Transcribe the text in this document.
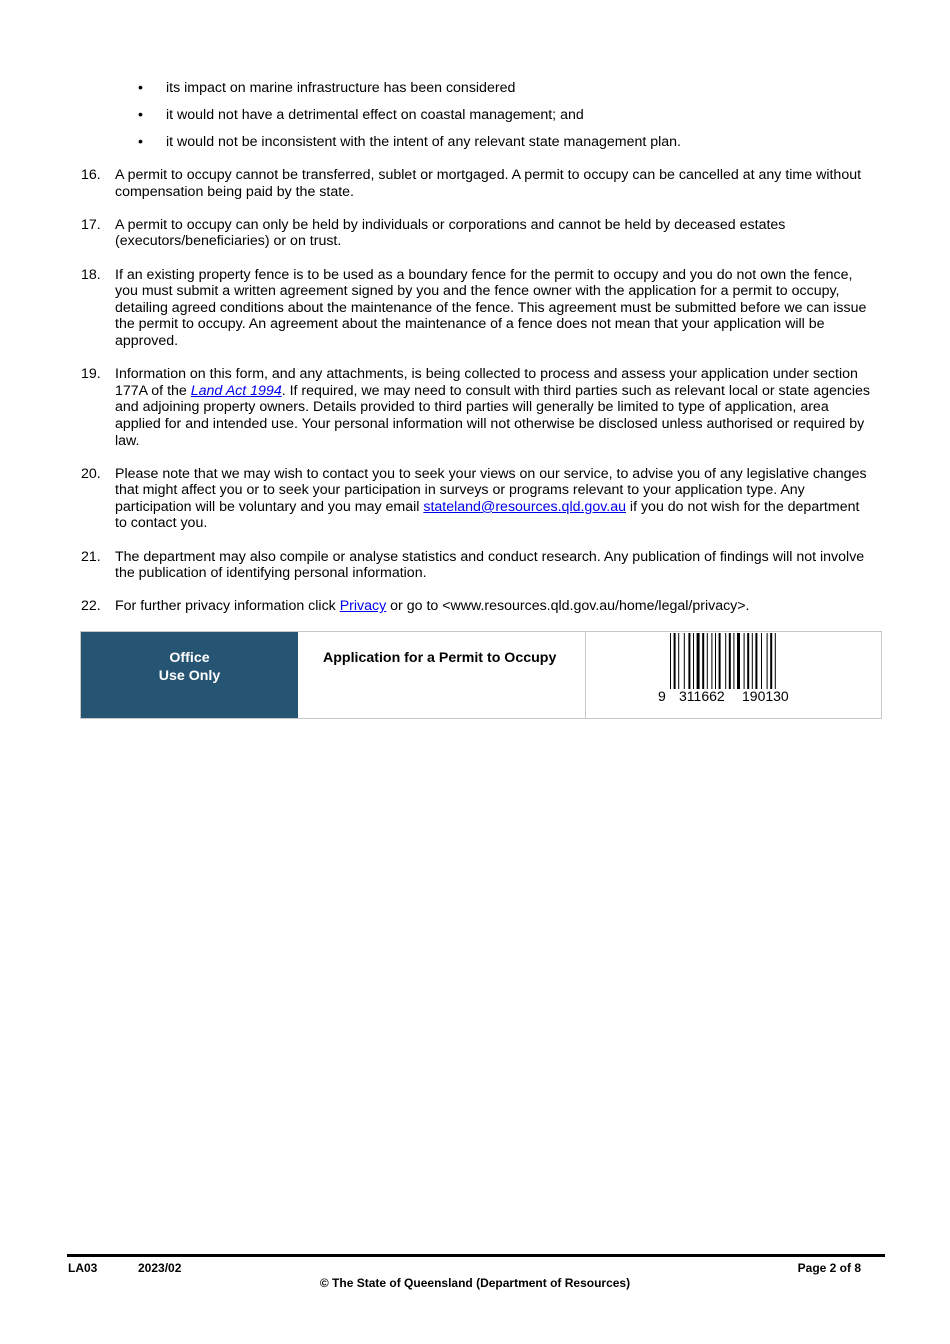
• its impact on marine infrastructure has been considered
• it would not have a detrimental effect on coastal management; and
• it would not be inconsistent with the intent of any relevant state management plan.
16. A permit to occupy cannot be transferred, sublet or mortgaged. A permit to occupy can be cancelled at any time without compensation being paid by the state.
17. A permit to occupy can only be held by individuals or corporations and cannot be held by deceased estates (executors/beneficiaries) or on trust.
18. If an existing property fence is to be used as a boundary fence for the permit to occupy and you do not own the fence, you must submit a written agreement signed by you and the fence owner with the application for a permit to occupy, detailing agreed conditions about the maintenance of the fence. This agreement must be submitted before we can issue the permit to occupy. An agreement about the maintenance of a fence does not mean that your application will be approved.
19. Information on this form, and any attachments, is being collected to process and assess your application under section 177A of the Land Act 1994. If required, we may need to consult with third parties such as relevant local or state agencies and adjoining property owners. Details provided to third parties will generally be limited to type of application, area applied for and intended use. Your personal information will not otherwise be disclosed unless authorised or required by law.
20. Please note that we may wish to contact you to seek your views on our service, to advise you of any legislative changes that might affect you or to seek your participation in surveys or programs relevant to your application type. Any participation will be voluntary and you may email stateland@resources.qld.gov.au if you do not wish for the department to contact you.
21. The department may also compile or analyse statistics and conduct research. Any publication of findings will not involve the publication of identifying personal information.
22. For further privacy information click Privacy or go to <www.resources.qld.gov.au/home/legal/privacy>.
Office
Use Only
Application for a Permit to Occupy
9 311662 190130
LA03	2023/02	Page 2 of 8
© The State of Queensland (Department of Resources)
